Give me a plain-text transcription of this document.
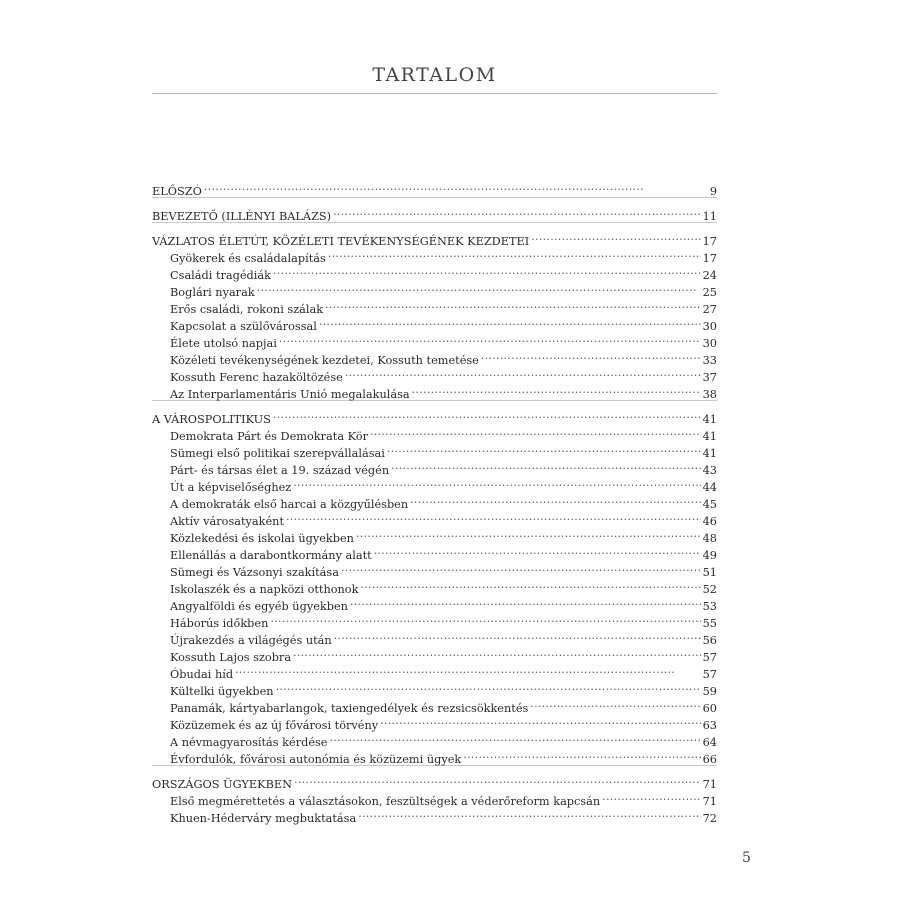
TARTALOM
ELŐSZÓ . . .	9
BEVEZETŐ (ILLÉNYI BALÁZS) . . .	11
VÁZLATOS ÉLETÚT, KÖZÉLETI TEVÉKENYSÉGÉNEK KEZDETEI . . .	17
Gyökerek és családalapítás . . .	17
Családi tragédiák . . .	24
Boglári nyarak . . .	25
Erős családi, rokoni szálak . . .	27
Kapcsolat a szülővárossal . . .	30
Élete utolsó napjai . . .	30
Közéleti tevékenységének kezdetei, Kossuth temetése . . .	33
Kossuth Ferenc hazaköltözése . . .	37
Az Interparlamentáris Unió megalakulása . . .	38
A VÁROSPOLITIKUS . . .	41
Demokrata Párt és Demokrata Kör . . .	41
Sümegi első politikai szerepvállalásai . . .	41
Párt- és társas élet a 19. század végén . . .	43
Út a képviselőséghez . . .	44
A demokraták első harcai a közgyűlésben . . .	45
Aktív városatyaként . . .	46
Közlekedési és iskolai ügyekben . . .	48
Ellenállás a darabontkormány alatt . . .	49
Sümegi és Vázsonyi szakítása . . .	51
Iskolaszék és a napközi otthonok . . .	52
Angyalföldi és egyéb ügyekben . . .	53
Háborús időkben . . .	55
Újrakezdés a világégés után . . .	56
Kossuth Lajos szobra . . .	57
Óbudai híd . . .	57
Kültelki ügyekben . . .	59
Panamák, kártyabarlangok, taxiengedélyek és rezsicsökkentés . . .	60
Közüzemek és az új fővárosi törvény . . .	63
A névmagyarosítás kérdése . . .	64
Évfordulók, fővárosi autonómia és közüzemi ügyek . . .	66
ORSZÁGOS ÜGYEKBEN . . .	71
Első megmérettetés a választásokon, feszültségek a véderőreform kapcsán . . .	71
Khuen-Héderváry megbuktatása . . .	72
5
